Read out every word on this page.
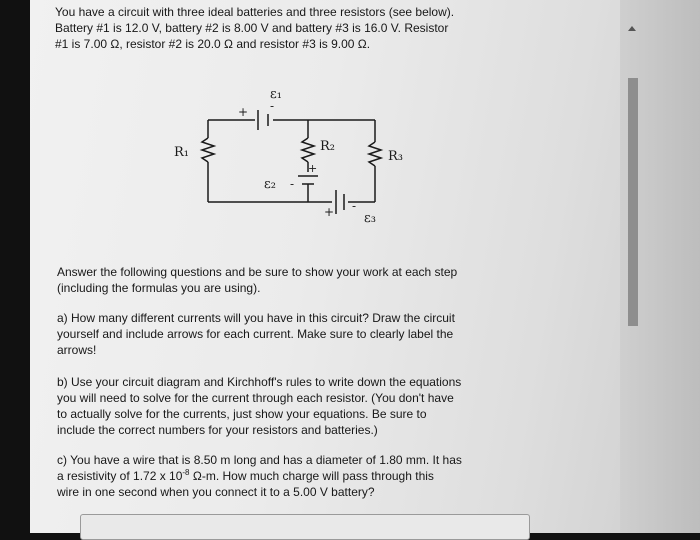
You have a circuit with three ideal batteries and three resistors (see below).
Battery #1 is 12.0 V, battery #2 is 8.00 V and battery #3 is 16.0 V. Resistor
#1 is 7.00 Ω, resistor #2 is 20.0 Ω and resistor #3 is 9.00 Ω.
ε₁
+ -
R₁	R₂
R₃
+
ε₂ -
+ -
ε₃
Answer the following questions and be sure to show your work at each step
(including the formulas you are using).
a) How many different currents will you have in this circuit? Draw the circuit
yourself and include arrows for each current. Make sure to clearly label the
arrows!
b) Use your circuit diagram and Kirchhoff's rules to write down the equations
you will need to solve for the current through each resistor. (You don't have
to actually solve for the currents, just show your equations. Be sure to
include the correct numbers for your resistors and batteries.)
c) You have a wire that is 8.50 m long and has a diameter of 1.80 mm. It has
a resistivity of 1.72 x $10^{-8}$ Ω-m. How much charge will pass through this
wire in one second when you connect it to a 5.00 V battery?
